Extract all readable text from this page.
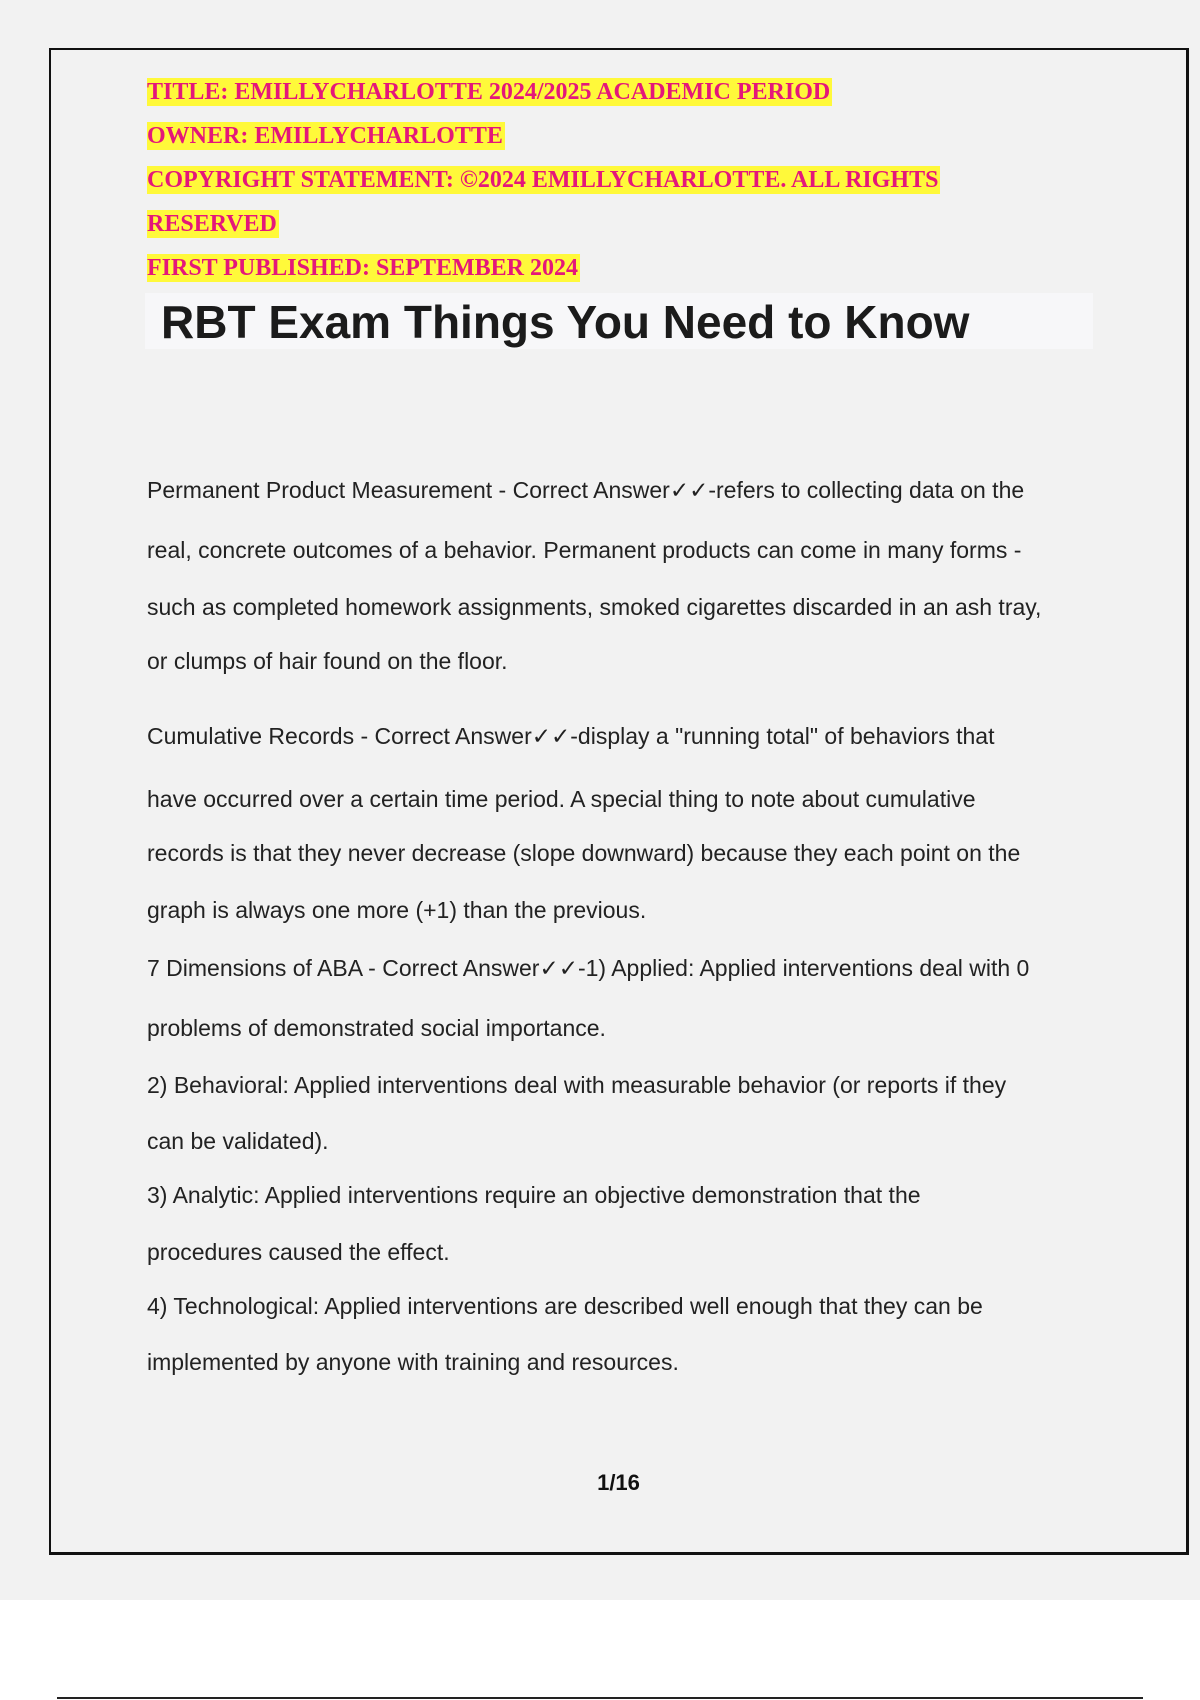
TITLE: EMILLYCHARLOTTE 2024/2025 ACADEMIC PERIOD
OWNER: EMILLYCHARLOTTE
COPYRIGHT STATEMENT: ©2024 EMILLYCHARLOTTE. ALL RIGHTS
RESERVED
FIRST PUBLISHED: SEPTEMBER 2024
RBT Exam Things You Need to Know
Permanent Product Measurement - Correct Answer✓✓-refers to collecting data on the
real, concrete outcomes of a behavior. Permanent products can come in many forms -
such as completed homework assignments, smoked cigarettes discarded in an ash tray,
or clumps of hair found on the floor.
Cumulative Records - Correct Answer✓✓-display a "running total" of behaviors that
have occurred over a certain time period. A special thing to note about cumulative
records is that they never decrease (slope downward) because they each point on the
graph is always one more (+1) than the previous.
7 Dimensions of ABA - Correct Answer✓✓-1) Applied: Applied interventions deal with 0
problems of demonstrated social importance.
2) Behavioral: Applied interventions deal with measurable behavior (or reports if they
can be validated).
3) Analytic: Applied interventions require an objective demonstration that the
procedures caused the effect.
4) Technological: Applied interventions are described well enough that they can be
implemented by anyone with training and resources.
1/16
